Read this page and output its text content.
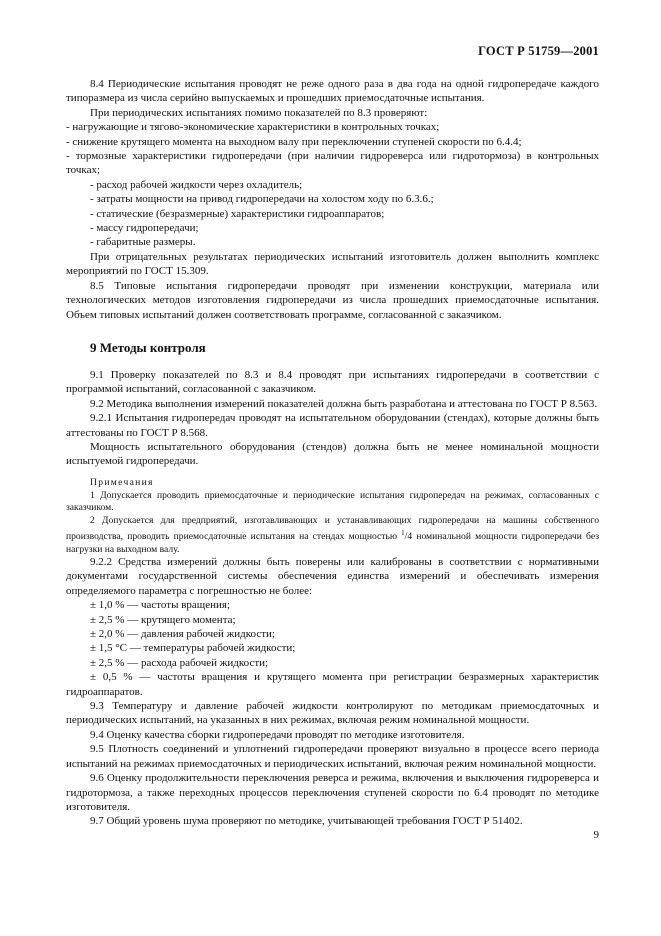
ГОСТ Р 51759—2001

8.4 Периодические испытания проводят не реже одного раза в два года на одной гидропередаче каждого типоразмера из числа серийно выпускаемых и прошедших приемосдаточные испытания.

При периодических испытаниях помимо показателей по 8.3 проверяют:

- нагружающие и тягово-экономические характеристики в контрольных точках;

- снижение крутящего момента на выходном валу при переключении ступеней скорости по 6.4.4;

- тормозные характеристики гидропередачи (при наличии гидрореверса или гидротормоза) в контрольных точках;

- расход рабочей жидкости через охладитель;

- затраты мощности на привод гидропередачи на холостом ходу по 6.3.6.;

- статические (безразмерные) характеристики гидроаппаратов;

- массу гидропередачи;

- габаритные размеры.

При отрицательных результатах периодических испытаний изготовитель должен выполнить комплекс мероприятий по ГОСТ 15.309.

8.5 Типовые испытания гидропередачи проводят при изменении конструкции, материала или технологических методов изготовления гидропередачи из числа прошедших приемосдаточные испытания. Объем типовых испытаний должен соответствовать программе, согласованной с заказчиком.

9 Методы контроля

9.1 Проверку показателей по 8.3 и 8.4 проводят при испытаниях гидропередачи в соответствии с программой испытаний, согласованной с заказчиком.

9.2 Методика выполнения измерений показателей должна быть разработана и аттестована по ГОСТ Р 8.563.

9.2.1 Испытания гидропередач проводят на испытательном оборудовании (стендах), которые должны быть аттестованы по ГОСТ Р 8.568.

Мощность испытательного оборудования (стендов) должна быть не менее номинальной мощности испытуемой гидропередачи.

Примечания

1 Допускается проводить приемосдаточные и периодические испытания гидропередач на режимах, согласованных с заказчиком.

2 Допускается для предприятий, изготавливающих и устанавливающих гидропередачи на машины собственного производства, проводить приемосдаточные испытания на стендах мощностью $^1$/4 номинальной мощности гидропередачи без нагрузки на выходном валу.

9.2.2 Средства измерений должны быть поверены или калиброваны в соответствии с нормативными документами государственной системы обеспечения единства измерений и обеспечивать измерения определяемого параметра с погрешностью не более:

± 1,0 % — частоты вращения;

± 2,5 % — крутящего момента;

± 2,0 % — давления рабочей жидкости;

± 1,5 °С — температуры рабочей жидкости;

± 2,5 % — расхода рабочей жидкости;

± 0,5 % — частоты вращения и крутящего момента при регистрации безразмерных характеристик гидроаппаратов.

9.3 Температуру и давление рабочей жидкости контролируют по методикам приемосдаточных и периодических испытаний, на указанных в них режимах, включая режим номинальной мощности.

9.4 Оценку качества сборки гидропередачи проводят по методике изготовителя.

9.5 Плотность соединений и уплотнений гидропередачи проверяют визуально в процессе всего периода испытаний на режимах приемосдаточных и периодических испытаний, включая режим номинальной мощности.

9.6 Оценку продолжительности переключения реверса и режима, включения и выключения гидрореверса и гидротормоза, а также переходных процессов переключения ступеней скорости по 6.4 проводят по методике изготовителя.

9.7 Общий уровень шума проверяют по методике, учитывающей требования ГОСТ Р 51402.

9
